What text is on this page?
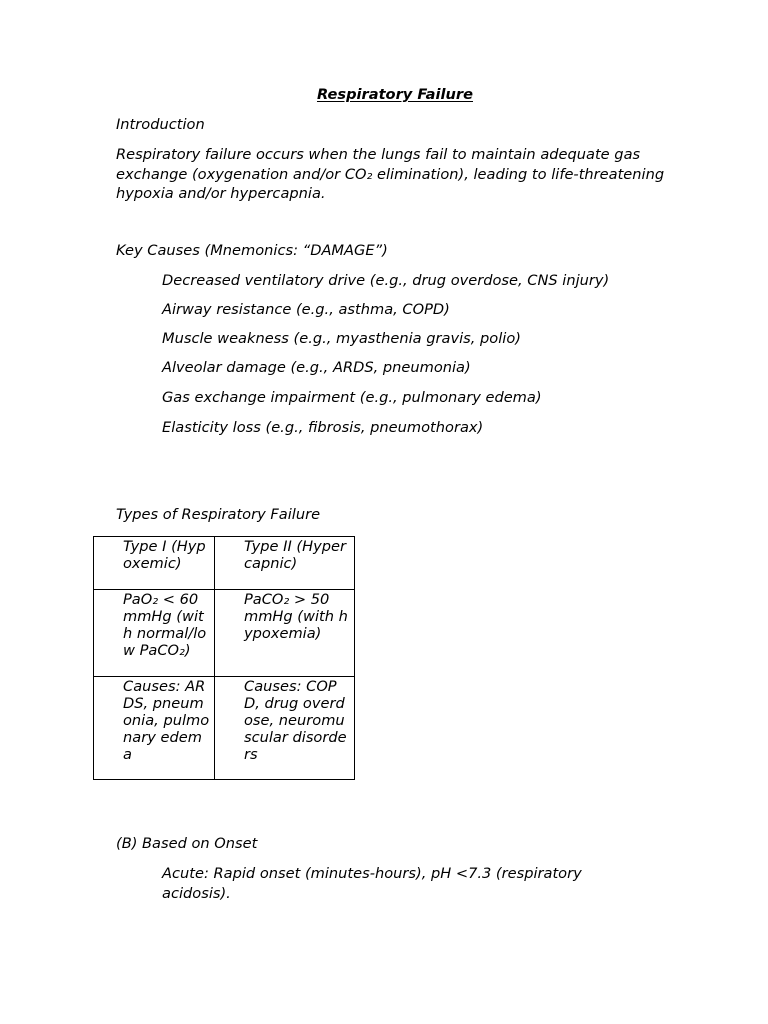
Respiratory Failure

Introduction

Respiratory failure occurs when the lungs fail to maintain adequate gas exchange (oxygenation and/or CO₂ elimination), leading to life-threatening hypoxia and/or hypercapnia.

Key Causes (Mnemonics: “DAMAGE”)

Decreased ventilatory drive (e.g., drug overdose, CNS injury)

Airway resistance (e.g., asthma, COPD)

Muscle weakness (e.g., myasthenia gravis, polio)

Alveolar damage (e.g., ARDS, pneumonia)

Gas exchange impairment (e.g., pulmonary edema)

Elasticity loss (e.g., fibrosis, pneumothorax)

Types of Respiratory Failure

Type I (Hypoxemic)	Type II (Hypercapnic)
PaO₂ < 60 mmHg (with normal/low PaCO₂)	PaCO₂ > 50 mmHg (with hypoxemia)
Causes: ARDS, pneumonia, pulmonary edema	Causes: COPD, drug overdose, neuromuscular disorders

(B) Based on Onset

Acute: Rapid onset (minutes-hours), pH <7.3 (respiratory acidosis).
